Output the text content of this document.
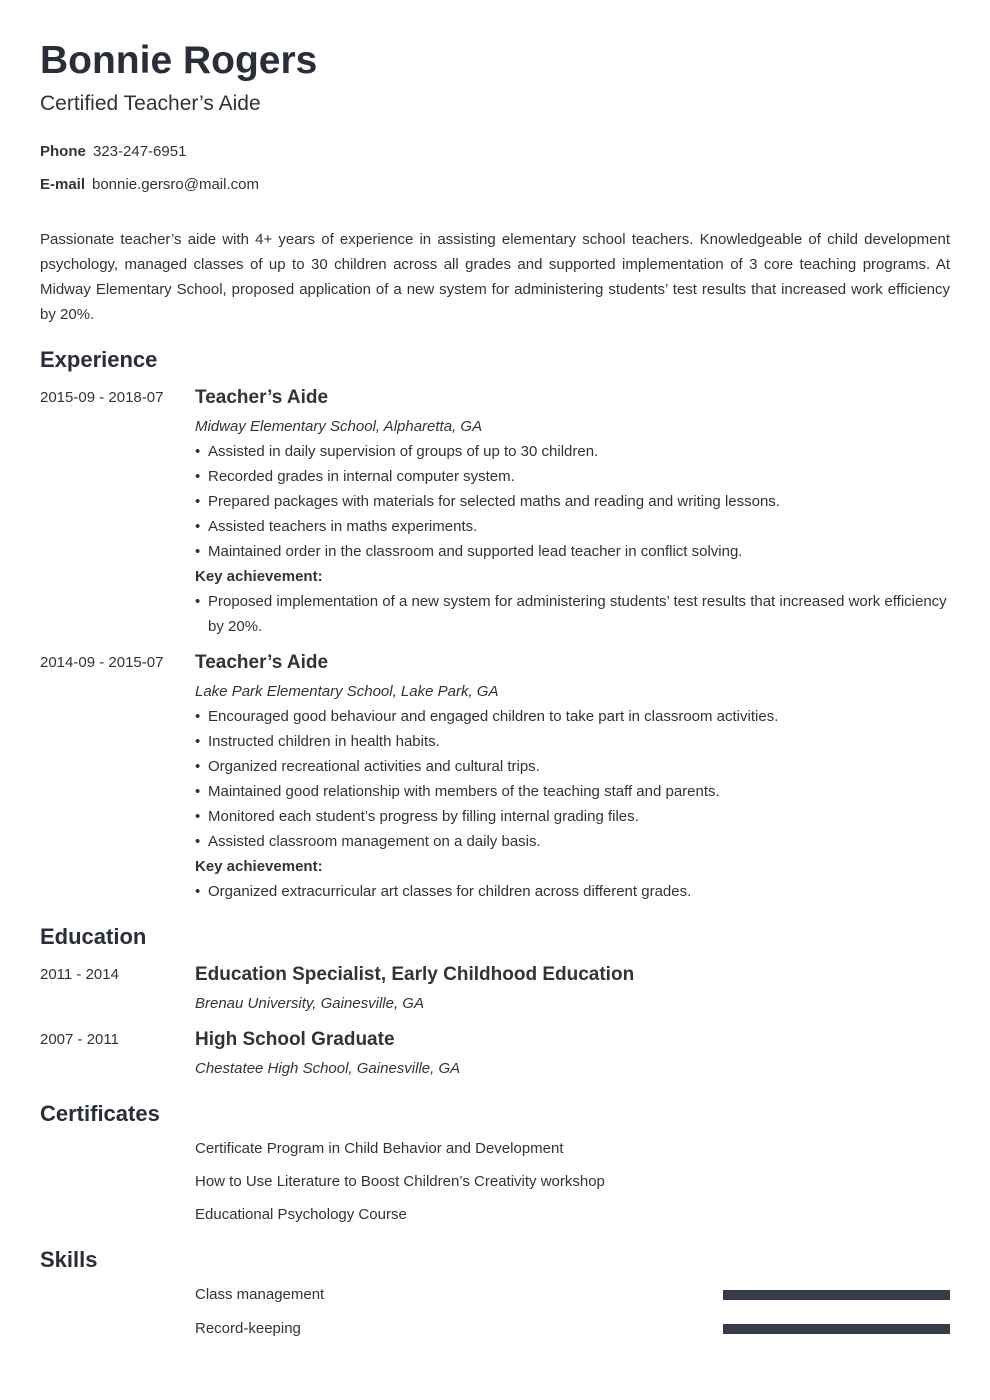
Bonnie Rogers
Certified Teacher’s Aide
Phone 323-247-6951
E-mail bonnie.gersro@mail.com
Passionate teacher’s aide with 4+ years of experience in assisting elementary school teachers. Knowledgeable of child development psychology, managed classes of up to 30 children across all grades and supported implementation of 3 core teaching programs. At Midway Elementary School, proposed application of a new system for administering students’ test results that increased work efficiency by 20%.
Experience
2015-09 - 2018-07 Teacher’s Aide
Midway Elementary School, Alpharetta, GA
• Assisted in daily supervision of groups of up to 30 children.
• Recorded grades in internal computer system.
• Prepared packages with materials for selected maths and reading and writing lessons.
• Assisted teachers in maths experiments.
• Maintained order in the classroom and supported lead teacher in conflict solving.
Key achievement:
• Proposed implementation of a new system for administering students’ test results that increased work efficiency by 20%.
2014-09 - 2015-07 Teacher’s Aide
Lake Park Elementary School, Lake Park, GA
• Encouraged good behaviour and engaged children to take part in classroom activities.
• Instructed children in health habits.
• Organized recreational activities and cultural trips.
• Maintained good relationship with members of the teaching staff and parents.
• Monitored each student’s progress by filling internal grading files.
• Assisted classroom management on a daily basis.
Key achievement:
• Organized extracurricular art classes for children across different grades.
Education
2011 - 2014	Education Specialist, Early Childhood Education
Brenau University, Gainesville, GA
2007 - 2011	High School Graduate
Chestatee High School, Gainesville, GA
Certificates
Certificate Program in Child Behavior and Development
How to Use Literature to Boost Children’s Creativity workshop
Educational Psychology Course
Skills
Class management
Record-keeping
